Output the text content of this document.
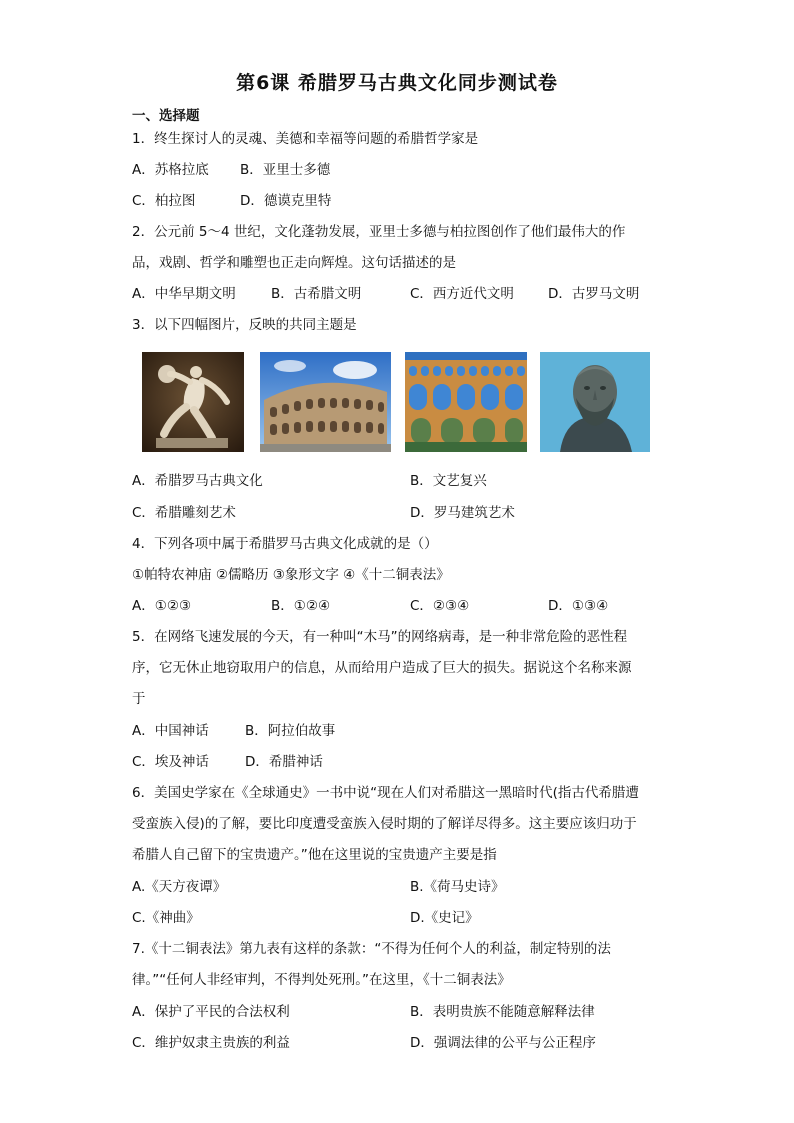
第6课 希腊罗马古典文化同步测试卷
一、选择题
1．终生探讨人的灵魂、美德和幸福等问题的希腊哲学家是
A．苏格拉底 B．亚里士多德
C．柏拉图	D．德谟克里特
2．公元前 5～4 世纪，文化蓬勃发展，亚里士多德与柏拉图创作了他们最伟大的作
品，戏剧、哲学和雕塑也正走向辉煌。这句话描述的是
A．中华早期文明	B．古希腊文明	C．西方近代文明	D．古罗马文明
3．以下四幅图片，反映的共同主题是
A．希腊罗马古典文化	B．文艺复兴
C．希腊雕刻艺术	D．罗马建筑艺术
4．下列各项中属于希腊罗马古典文化成就的是（）
①帕特农神庙 ②儒略历 ③象形文字 ④《十二铜表法》
A．①②③	B．①②④	C．②③④	D．①③④
5．在网络飞速发展的今天，有一种叫“木马”的网络病毒，是一种非常危险的恶性程
序，它无休止地窃取用户的信息，从而给用户造成了巨大的损失。据说这个名称来源
于
A．中国神话	B．阿拉伯故事
C．埃及神话	D．希腊神话
6．美国史学家在《全球通史》一书中说“现在人们对希腊这一黑暗时代(指古代希腊遭
受蛮族入侵)的了解，要比印度遭受蛮族入侵时期的了解详尽得多。这主要应该归功于
希腊人自己留下的宝贵遗产。”他在这里说的宝贵遗产主要是指
A.《天方夜谭》	B.《荷马史诗》
C.《神曲》	D.《史记》
7.《十二铜表法》第九表有这样的条款：“不得为任何个人的利益，制定特别的法
律。”“任何人非经审判，不得判处死刑。”在这里，《十二铜表法》
A．保护了平民的合法权利	B．表明贵族不能随意解释法律
C．维护奴隶主贵族的利益	D．强调法律的公平与公正程序
